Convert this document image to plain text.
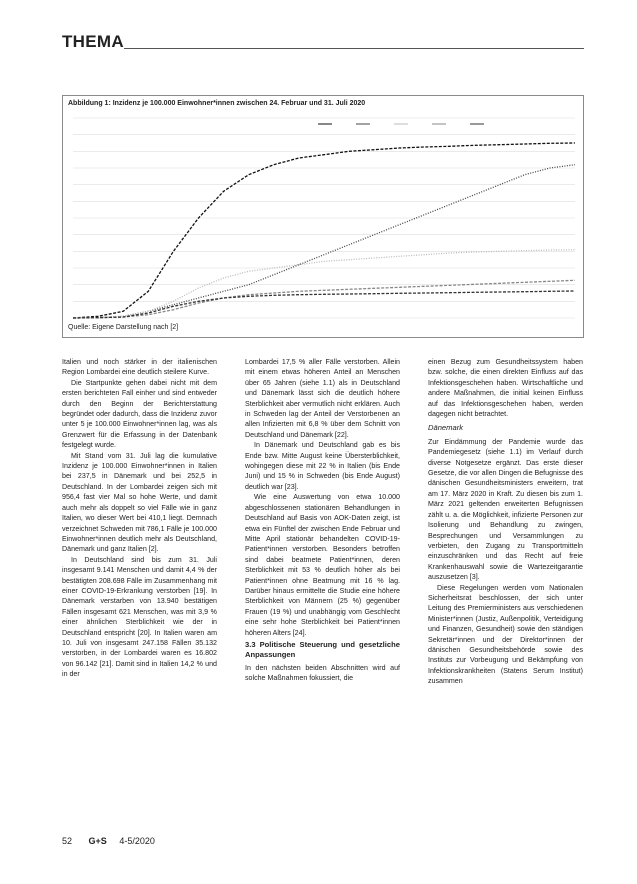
THEMA
Abbildung 1: Inzidenz je 100.000 Einwohner*innen zwischen 24. Februar und 31. Juli 2020
Quelle: Eigene Darstellung nach [2]

Italien und noch stärker in der italienischen Region Lombardei eine deutlich steilere Kurve.

Die Startpunkte gehen dabei nicht mit dem ersten berichteten Fall einher und sind entweder durch den Beginn der Berichterstattung begründet oder dadurch, dass die Inzidenz zuvor unter 5 je 100.000 Einwohner*innen lag, was als Grenzwert für die Erfassung in der Datenbank festgelegt wurde.

Mit Stand vom 31. Juli lag die kumulative Inzidenz je 100.000 Einwohner*innen in Italien bei 237,5 in Dänemark und bei 252,5 in Deutschland. In der Lombardei zeigen sich mit 956,4 fast vier Mal so hohe Werte, und damit auch mehr als doppelt so viel Fälle wie in ganz Italien, wo dieser Wert bei 410,1 liegt. Demnach verzeichnet Schweden mit 786,1 Fälle je 100.000 Einwohner*innen deutlich mehr als Deutschland, Dänemark und ganz Italien [2].

In Deutschland sind bis zum 31. Juli insgesamt 9.141 Menschen und damit 4,4 % der bestätigten 208.698 Fälle im Zusammenhang mit einer COVID-19-Erkrankung verstorben [19]. In Dänemark verstarben von 13.940 bestätigen Fällen insgesamt 621 Menschen, was mit 3,9 % einer ähnlichen Sterblichkeit wie der in Deutschland entspricht [20]. In Italien waren am 10. Juli von insgesamt 247.158 Fällen 35.132 verstorben, in der Lombardei waren es 16.802 von 96.142 [21]. Damit sind in Italien 14,2 % und in der

Lombardei 17,5 % aller Fälle verstorben. Allein mit einem etwas höheren Anteil an Menschen über 65 Jahren (siehe 1.1) als in Deutschland und Dänemark lässt sich die deutlich höhere Sterblichkeit aber vermutlich nicht erklären. Auch in Schweden lag der Anteil der Verstorbenen an allen Infizierten mit 6,8 % über dem Schnitt von Deutschland und Dänemark [22].

In Dänemark und Deutschland gab es bis Ende bzw. Mitte August keine Übersterblichkeit, wohingegen diese mit 22 % in Italien (bis Ende Juni) und 15 % in Schweden (bis Ende August) deutlich war [23].

Wie eine Auswertung von etwa 10.000 abgeschlossenen stationären Behandlungen in Deutschland auf Basis von AOK-Daten zeigt, ist etwa ein Fünftel der zwischen Ende Februar und Mitte April stationär behandelten COVID-19-Patient*innen verstorben. Besonders betroffen sind dabei beatmete Patient*innen, deren Sterblichkeit mit 53 % deutlich höher als bei Patient*innen ohne Beatmung mit 16 % lag. Darüber hinaus ermittelte die Studie eine höhere Sterblichkeit von Männern (25 %) gegenüber Frauen (19 %) und unabhängig vom Geschlecht eine sehr hohe Sterblichkeit bei Patient*innen höheren Alters [24].

3.3 Politische Steuerung und gesetzliche Anpassungen

In den nächsten beiden Abschnitten wird auf solche Maßnahmen fokussiert, die

einen Bezug zum Gesundheitssystem haben bzw. solche, die einen direkten Einfluss auf das Infektionsgeschehen haben. Wirtschaftliche und andere Maßnahmen, die initial keinen Einfluss auf das Infektionsgeschehen haben, werden dagegen nicht betrachtet.

Dänemark

Zur Eindämmung der Pandemie wurde das Pandemiegesetz (siehe 1.1) im Verlauf durch diverse Notgesetze ergänzt. Das erste dieser Gesetze, die vor allen Dingen die Befugnisse des dänischen Gesundheitsministers erweitern, trat am 17. März 2020 in Kraft. Zu diesen bis zum 1. März 2021 geltenden erweiterten Befugnissen zählt u. a. die Möglichkeit, infizierte Personen zur Isolierung und Behandlung zu zwingen, Besprechungen und Versammlungen zu verbieten, den Zugang zu Transportmitteln einzuschränken und das Recht auf freie Krankenhauswahl sowie die Wartezeitgarantie auszusetzen [3].

Diese Regelungen werden vom Nationalen Sicherheitsrat beschlossen, der sich unter Leitung des Premierministers aus verschiedenen Minister*innen (Justiz, Außenpolitik, Verteidigung und Finanzen, Gesundheit) sowie den ständigen Sekretär*innen und der Direktor*innen der dänischen Gesundheitsbehörde sowie des Instituts zur Vorbeugung und Bekämpfung von Infektionskrankheiten (Statens Serum Institut) zusammen

52 G+S 4-5/2020
